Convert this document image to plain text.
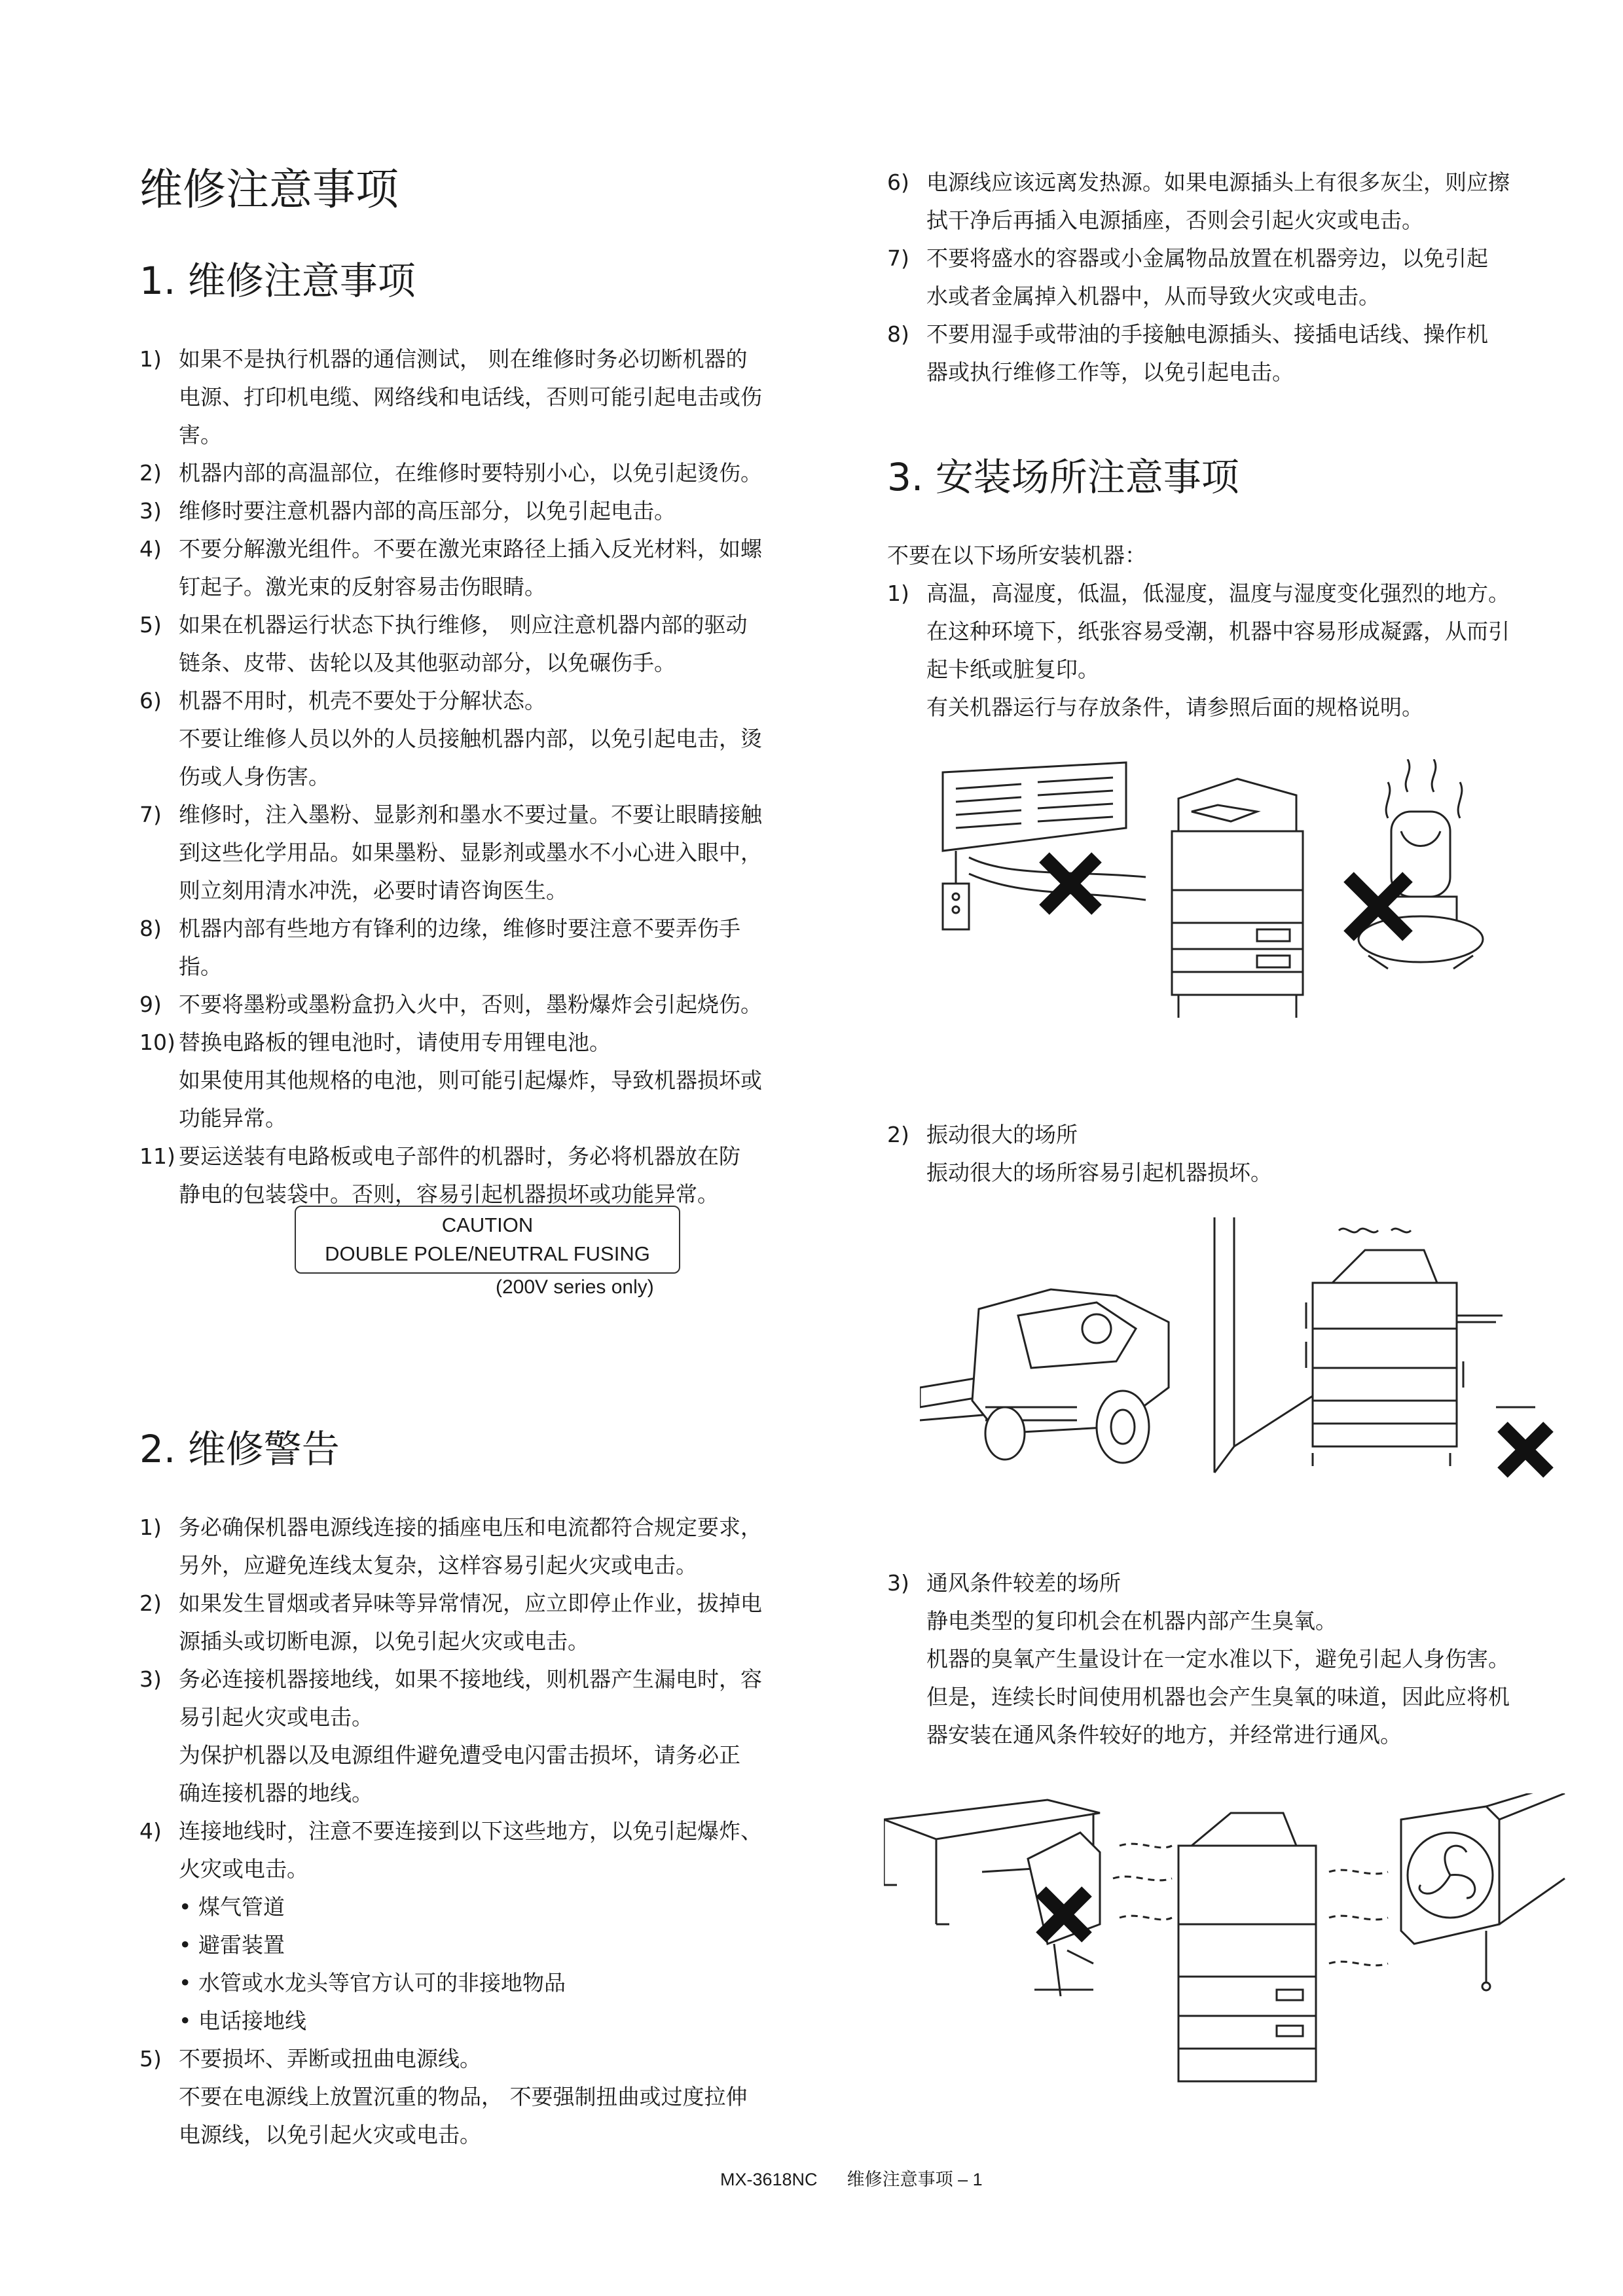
维修注意事项
1. 维修注意事项
1) 如果不是执行机器的通信测试， 则在维修时务必切断机器的
电源、打印机电缆、网络线和电话线，否则可能引起电击或伤
害。
2) 机器内部的高温部位，在维修时要特别小心，以免引起烫伤。
3) 维修时要注意机器内部的高压部分，以免引起电击。
4) 不要分解激光组件。不要在激光束路径上插入反光材料，如螺
钉起子。激光束的反射容易击伤眼睛。
5) 如果在机器运行状态下执行维修， 则应注意机器内部的驱动
链条、皮带、齿轮以及其他驱动部分，以免碾伤手。
6) 机器不用时，机壳不要处于分解状态。
不要让维修人员以外的人员接触机器内部，以免引起电击，烫
伤或人身伤害。
7) 维修时，注入墨粉、显影剂和墨水不要过量。不要让眼睛接触
到这些化学用品。如果墨粉、显影剂或墨水不小心进入眼中，
则立刻用清水冲洗，必要时请咨询医生。
8) 机器内部有些地方有锋利的边缘，维修时要注意不要弄伤手
指。
9) 不要将墨粉或墨粉盒扔入火中，否则，墨粉爆炸会引起烧伤。
10) 替换电路板的锂电池时，请使用专用锂电池。
如果使用其他规格的电池，则可能引起爆炸，导致机器损坏或
功能异常。
11) 要运送装有电路板或电子部件的机器时，务必将机器放在防
静电的包装袋中。否则，容易引起机器损坏或功能异常。
CAUTION
DOUBLE POLE/NEUTRAL FUSING
(200V series only)
2. 维修警告
1) 务必确保机器电源线连接的插座电压和电流都符合规定要求，
另外，应避免连线太复杂，这样容易引起火灾或电击。
2) 如果发生冒烟或者异味等异常情况，应立即停止作业，拔掉电
源插头或切断电源，以免引起火灾或电击。
3) 务必连接机器接地线，如果不接地线，则机器产生漏电时，容
易引起火灾或电击。
为保护机器以及电源组件避免遭受电闪雷击损坏，请务必正
确连接机器的地线。
4) 连接地线时，注意不要连接到以下这些地方，以免引起爆炸、
火灾或电击。
• 煤气管道
• 避雷装置
• 水管或水龙头等官方认可的非接地物品
• 电话接地线
5) 不要损坏、弄断或扭曲电源线。
不要在电源线上放置沉重的物品， 不要强制扭曲或过度拉伸
电源线，以免引起火灾或电击。
6) 电源线应该远离发热源。如果电源插头上有很多灰尘，则应擦
拭干净后再插入电源插座，否则会引起火灾或电击。
7) 不要将盛水的容器或小金属物品放置在机器旁边，以免引起
水或者金属掉入机器中，从而导致火灾或电击。
8) 不要用湿手或带油的手接触电源插头、接插电话线、操作机
器或执行维修工作等，以免引起电击。
3. 安装场所注意事项
不要在以下场所安装机器：
1) 高温，高湿度，低温，低湿度，温度与湿度变化强烈的地方。
在这种环境下，纸张容易受潮，机器中容易形成凝露，从而引
起卡纸或脏复印。
有关机器运行与存放条件，请参照后面的规格说明。
2) 振动很大的场所
振动很大的场所容易引起机器损坏。
3) 通风条件较差的场所
静电类型的复印机会在机器内部产生臭氧。
机器的臭氧产生量设计在一定水准以下，避免引起人身伤害。
但是，连续长时间使用机器也会产生臭氧的味道，因此应将机
器安装在通风条件较好的地方，并经常进行通风。
MX-3618NC 维修注意事项 – 1
